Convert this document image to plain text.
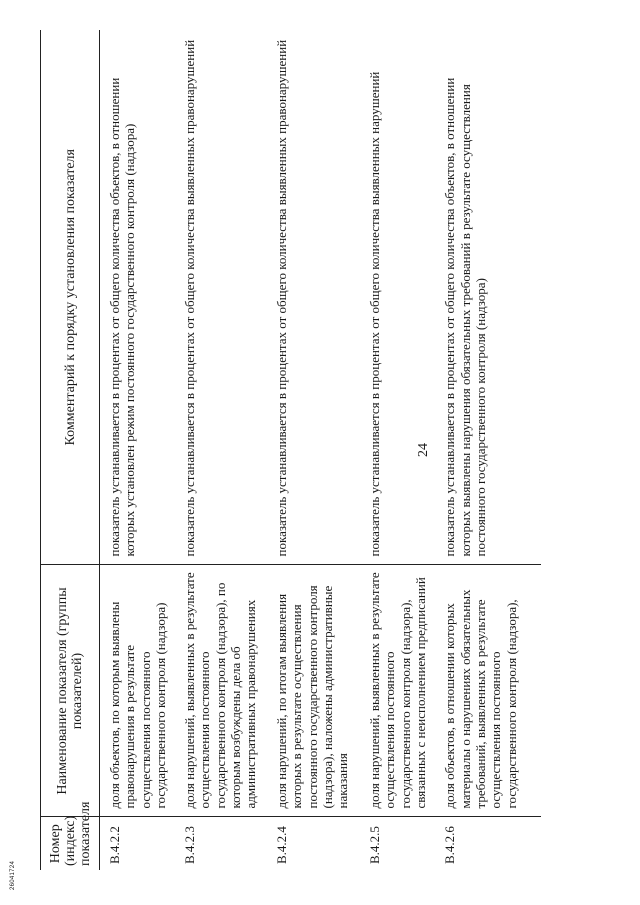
Номер (индекс) показателя	Наименование показателя (группы показателей)	Комментарий к порядку установления показателя
B.4.2.2	доля объектов, по которым выявлены правонарушения в результате осуществления постоянного государственного контроля (надзора)	показатель устанавливается в процентах от общего количества объектов, в отношении которых установлен режим постоянного государственного контроля (надзора)
B.4.2.3	доля нарушений, выявленных в результате осуществления постоянного государственного контроля (надзора), по которым возбуждены дела об административных правонарушениях	показатель устанавливается в процентах от общего количества выявленных правонарушений
B.4.2.4	доля нарушений, по итогам выявления которых в результате осуществления постоянного государственного контроля (надзора), наложены административные наказания	показатель устанавливается в процентах от общего количества выявленных правонарушений
B.4.2.5	доля нарушений, выявленных в результате осуществления постоянного государственного контроля (надзора), связанных с неисполнением предписаний	показатель устанавливается в процентах от общего количества выявленных нарушений
B.4.2.6	доля объектов, в отношении которых материалы о нарушениях обязательных требований, выявленных в результате осуществления постоянного государственного контроля (надзора),	показатель устанавливается в процентах от общего количества объектов, в отношении которых выявлены нарушения обязательных требований в результате осуществления постоянного государственного контроля (надзора)
24
26041724
